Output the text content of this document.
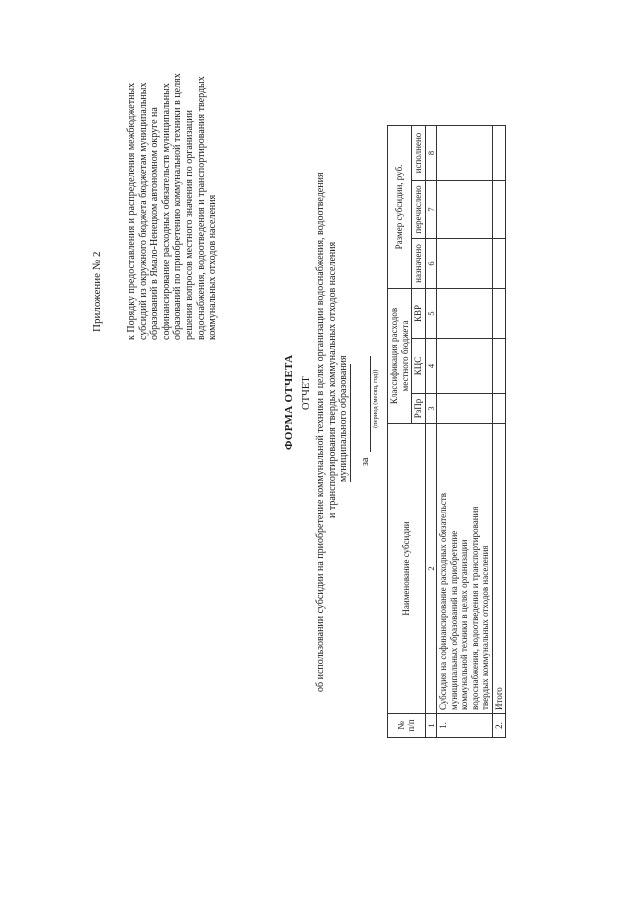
Приложение № 2 к Порядку предоставления и распределения межбюджетных субсидий из окружного бюджета бюджетам муниципальных образований в Ямало-Ненецком автономном округе на софинансирование расходных обязательств муниципальных образований по приобретению коммунальной техники в целях решения вопросов местного значения по организации водоснабжения, водоотведения и транспортирования твердых коммунальных отходов населения
ФОРМА ОТЧЕТА ОТЧЕТ об использовании субсидии на приобретение коммунальной техники в целях организации водоснабжения, водоотведения и транспортирования твердых коммунальных отходов населения муниципального образования за
(период (месяц, год))
№ п/п	Наименование субсидии	Классификация расходов местного бюджета			Размер субсидии, руб.		
		РзПр	КЦС	КВР	назначено	перечислено	исполнено
1	2	3	4	5	6	7	8
1.	Субсидия на софинансирование расходных обязательств муниципальных образований на приобретение коммунальной техники в целях организации водоснабжения, водоотведения и транспортирования твердых коммунальных отходов населения						

2.	Итого						
